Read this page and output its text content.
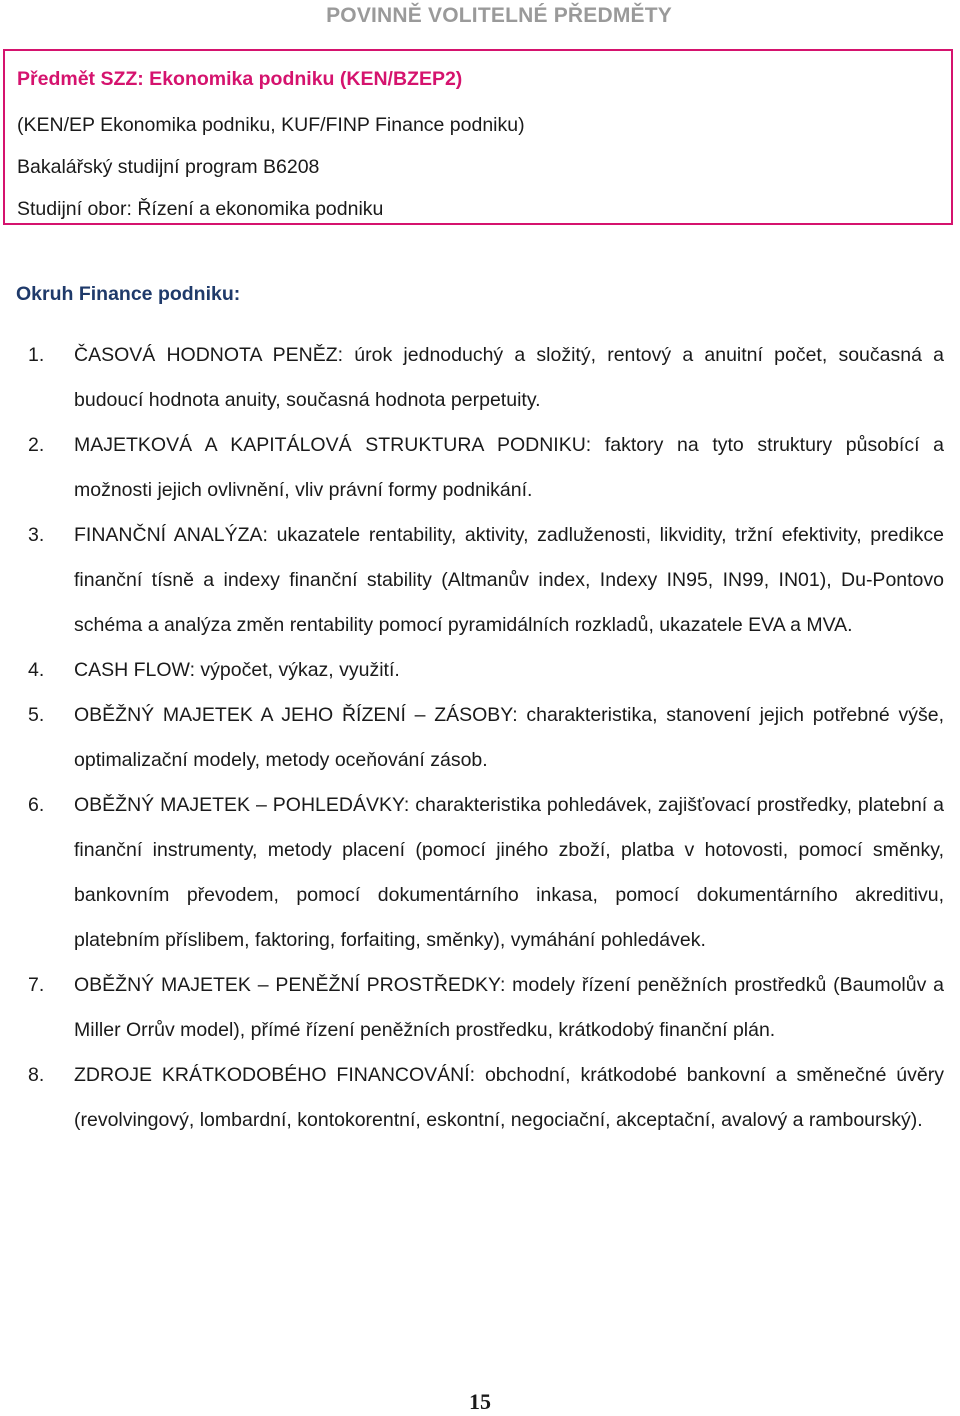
POVINNĚ VOLITELNÉ PŘEDMĚTY
Předmět SZZ: Ekonomika podniku (KEN/BZEP2)
(KEN/EP Ekonomika podniku, KUF/FINP Finance podniku)
Bakalářský studijní program B6208
Studijní obor: Řízení a ekonomika podniku
Okruh Finance podniku:
1. ČASOVÁ HODNOTA PENĚZ: úrok jednoduchý a složitý, rentový a anuitní počet, současná a budoucí hodnota anuity, současná hodnota perpetuity.
2. MAJETKOVÁ A KAPITÁLOVÁ STRUKTURA PODNIKU: faktory na tyto struktury působící a možnosti jejich ovlivnění, vliv právní formy podnikání.
3. FINANČNÍ ANALÝZA: ukazatele rentability, aktivity, zadluženosti, likvidity, tržní efektivity, predikce finanční tísně a indexy finanční stability (Altmanův index, Indexy IN95, IN99, IN01), Du-Pontovo schéma a analýza změn rentability pomocí pyramidálních rozkladů, ukazatele EVA a MVA.
4. CASH FLOW: výpočet, výkaz, využití.
5. OBĚŽNÝ MAJETEK A JEHO ŘÍZENÍ – ZÁSOBY: charakteristika, stanovení jejich potřebné výše, optimalizační modely, metody oceňování zásob.
6. OBĚŽNÝ MAJETEK – POHLEDÁVKY: charakteristika pohledávek, zajišťovací prostředky, platební a finanční instrumenty, metody placení (pomocí jiného zboží, platba v hotovosti, pomocí směnky, bankovním převodem, pomocí dokumentárního inkasa, pomocí dokumentárního akreditivu, platebním příslibem, faktoring, forfaiting, směnky), vymáhání pohledávek.
7. OBĚŽNÝ MAJETEK – PENĚŽNÍ PROSTŘEDKY: modely řízení peněžních prostředků (Baumolův a Miller Orrův model), přímé řízení peněžních prostředku, krátkodobý finanční plán.
8. ZDROJE KRÁTKODOBÉHO FINANCOVÁNÍ: obchodní, krátkodobé bankovní a směnečné úvěry (revolvingový, lombardní, kontokorentní, eskontní, negociační, akceptační, avalový a rambourský).
15
